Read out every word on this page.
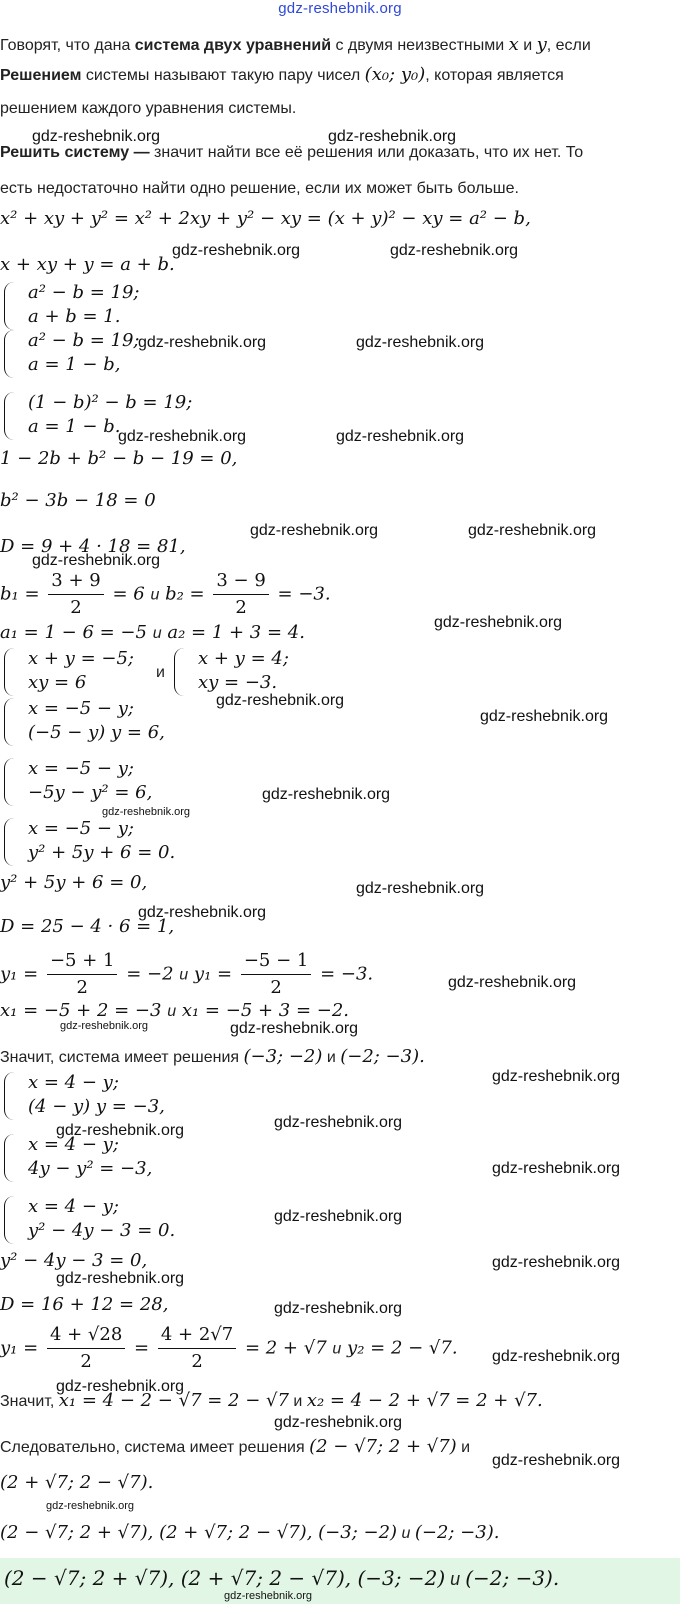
gdz-reshebnik.org
Говорят, что дана система двух уравнений с двумя неизвестными x и y, если
Решением системы называют такую пару чисел (x₀; y₀), которая является
решением каждого уравнения системы.
Решить систему — значит найти все её решения или доказать, что их нет. То
есть недостаточно найти одно решение, если их может быть больше.
x² + xy + y² = x² + 2xy + y² − xy = (x + y)² − xy = a² − b,
x + xy + y = a + b.
a² − b = 19;
a + b = 1.
a² − b = 19;
a = 1 − b,
(1 − b)² − b = 19;
a = 1 − b.
1 − 2b + b² − b − 19 = 0,
b² − 3b − 18 = 0
D = 9 + 4 · 18 = 81,
$b_1 = \frac{3 + 9}{2} = 6$ и $b_2 = \frac{3 - 9}{2} = -3$.
a₁ = 1 − 6 = −5 и a₂ = 1 + 3 = 4.
x + y = −5;
xy = 6	и
x + y = 4;
xy = −3.
x = −5 − y;
(−5 − y) y = 6,
x = −5 − y;
−5y − y² = 6,
x = −5 − y;
y² + 5y + 6 = 0.
y² + 5y + 6 = 0,
D = 25 − 4 · 6 = 1,
$y_1 = \frac{-5 + 1}{2} = -2$ и $y_1 = \frac{-5 - 1}{2} = -3$.
x₁ = −5 + 2 = −3 и x₁ = −5 + 3 = −2.
Значит, система имеет решения (−3; −2) и (−2; −3).
x = 4 − y;
(4 − y) y = −3,
x = 4 − y;
4y − y² = −3,
x = 4 − y;
y² − 4y − 3 = 0.
y² − 4y − 3 = 0,
D = 16 + 12 = 28,
$y_1 = \frac{4 + √28}{2} = \frac{4 + 2√7}{2} = 2 + √7$ и y₂ = 2 − √7.
Значит, x₁ = 4 − 2 − √7 = 2 − √7 и x₂ = 4 − 2 + √7 = 2 + √7.
Следовательно, система имеет решения (2 − √7; 2 + √7) и
(2 + √7; 2 − √7).
(2 − √7; 2 + √7), (2 + √7; 2 − √7), (−3; −2) и (−2; −3).
(2 − √7; 2 + √7), (2 + √7; 2 − √7), (−3; −2) и (−2; −3).
gdz-reshebnik.org	gdz-reshebnik.org
gdz-reshebnik.org	gdz-reshebnik.org
gdz-reshebnik.org	gdz-reshebnik.org
gdz-reshebnik.org	gdz-reshebnik.org
gdz-reshebnik.org	gdz-reshebnik.org
gdz-reshebnik.org
gdz-reshebnik.org
gdz-reshebnik.org
gdz-reshebnik.org
gdz-reshebnik.org
gdz-reshebnik.org
gdz-reshebnik.org
gdz-reshebnik.org
gdz-reshebnik.org
gdz-reshebnik.org	gdz-reshebnik.org
gdz-reshebnik.org
gdz-reshebnik.org
gdz-reshebnik.org
gdz-reshebnik.org
gdz-reshebnik.org
gdz-reshebnik.org
gdz-reshebnik.org
gdz-reshebnik.org
gdz-reshebnik.org
gdz-reshebnik.org
gdz-reshebnik.org
gdz-reshebnik.org
gdz-reshebnik.org
gdz-reshebnik.org
